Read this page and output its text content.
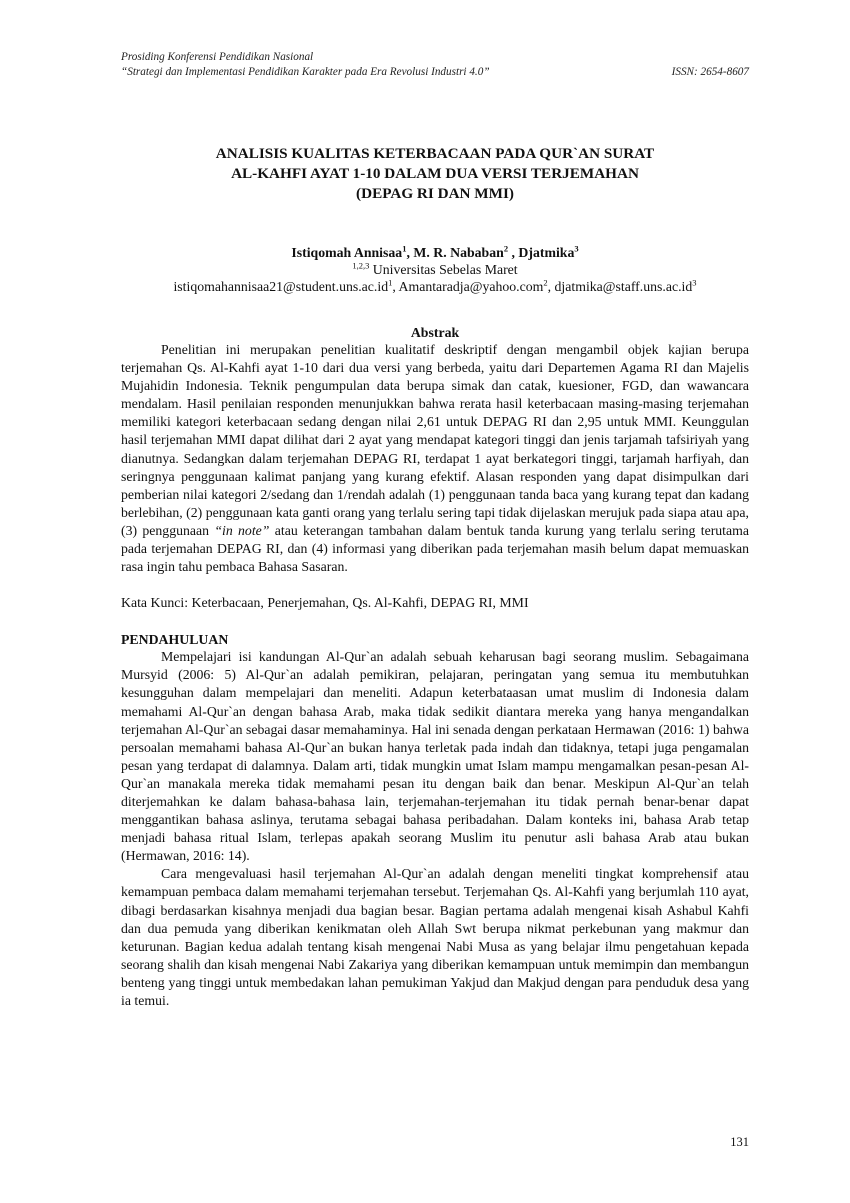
Prosiding Konferensi Pendidikan Nasional
“Strategi dan Implementasi Pendidikan Karakter pada Era Revolusi Industri 4.0”	ISSN: 2654-8607
ANALISIS KUALITAS KETERBACAAN PADA QUR`AN SURAT
AL-KAHFI AYAT 1-10 DALAM DUA VERSI TERJEMAHAN
(DEPAG RI DAN MMI)
Istiqomah Annisaa$^1$, M. R. Nababan$^2$ , Djatmika$^3$
$^{1,2,3}$ Universitas Sebelas Maret
$istiqomahannisaa21@student.uns.ac.id^1$, Amantaradja@yahoo.com$^2$, $djatmika@staff.uns.ac.id^3$
Abstrak

Penelitian ini merupakan penelitian kualitatif deskriptif dengan mengambil objek kajian berupa terjemahan Qs. Al-Kahfi ayat 1-10 dari dua versi yang berbeda, yaitu dari Departemen Agama RI dan Majelis Mujahidin Indonesia. Teknik pengumpulan data berupa simak dan catak, kuesioner, FGD, dan wawancara mendalam. Hasil penilaian responden menunjukkan bahwa rerata hasil keterbacaan masing-masing terjemahan memiliki kategori keterbacaan sedang dengan nilai 2,61 untuk DEPAG RI dan 2,95 untuk MMI. Keunggulan hasil terjemahan MMI dapat dilihat dari 2 ayat yang mendapat kategori tinggi dan jenis tarjamah tafsiriyah yang dianutnya. Sedangkan dalam terjemahan DEPAG RI, terdapat 1 ayat berkategori tinggi, tarjamah harfiyah, dan seringnya penggunaan kalimat panjang yang kurang efektif. Alasan responden yang dapat disimpulkan dari pemberian nilai kategori 2/sedang dan 1/rendah adalah (1) penggunaan tanda baca yang kurang tepat dan kadang berlebihan, (2) penggunaan kata ganti orang yang terlalu sering tapi tidak dijelaskan merujuk pada siapa atau apa, (3) penggunaan “in note” atau keterangan tambahan dalam bentuk tanda kurung yang terlalu sering terutama pada terjemahan DEPAG RI, dan (4) informasi yang diberikan pada terjemahan masih belum dapat memuaskan rasa ingin tahu pembaca Bahasa Sasaran.

Kata Kunci: Keterbacaan, Penerjemahan, Qs. Al-Kahfi, DEPAG RI, MMI
PENDAHULUAN

Mempelajari isi kandungan Al-Qur`an adalah sebuah keharusan bagi seorang muslim. Sebagaimana Mursyid (2006: 5) Al-Qur`an adalah pemikiran, pelajaran, peringatan yang semua itu membutuhkan kesungguhan dalam mempelajari dan meneliti. Adapun keterbataasan umat muslim di Indonesia dalam memahami Al-Qur`an dengan bahasa Arab, maka tidak sedikit diantara mereka yang hanya mengandalkan terjemahan Al-Qur`an sebagai dasar memahaminya. Hal ini senada dengan perkataan Hermawan (2016: 1) bahwa persoalan memahami bahasa Al-Qur`an bukan hanya terletak pada indah dan tidaknya, tetapi juga pengamalan pesan yang terdapat di dalamnya. Dalam arti, tidak mungkin umat Islam mampu mengamalkan pesan-pesan Al-Qur`an manakala mereka tidak memahami pesan itu dengan baik dan benar. Meskipun Al-Qur`an telah diterjemahkan ke dalam bahasa-bahasa lain, terjemahan-terjemahan itu tidak pernah benar-benar dapat menggantikan bahasa aslinya, terutama sebagai bahasa peribadahan. Dalam konteks ini, bahasa Arab tetap menjadi bahasa ritual Islam, terlepas apakah seorang Muslim itu penutur asli bahasa Arab atau bukan (Hermawan, 2016: 14).

Cara mengevaluasi hasil terjemahan Al-Qur`an adalah dengan meneliti tingkat komprehensif atau kemampuan pembaca dalam memahami terjemahan tersebut. Terjemahan Qs. Al-Kahfi yang berjumlah 110 ayat, dibagi berdasarkan kisahnya menjadi dua bagian besar. Bagian pertama adalah mengenai kisah Ashabul Kahfi dan dua pemuda yang diberikan kenikmatan oleh Allah Swt berupa nikmat perkebunan yang makmur dan keturunan. Bagian kedua adalah tentang kisah mengenai Nabi Musa as yang belajar ilmu pengetahuan kepada seorang shalih dan kisah mengenai Nabi Zakariya yang diberikan kemampuan untuk memimpin dan membangun benteng yang tinggi untuk membedakan lahan pemukiman Yakjud dan Makjud dengan para penduduk desa yang ia temui.

131
